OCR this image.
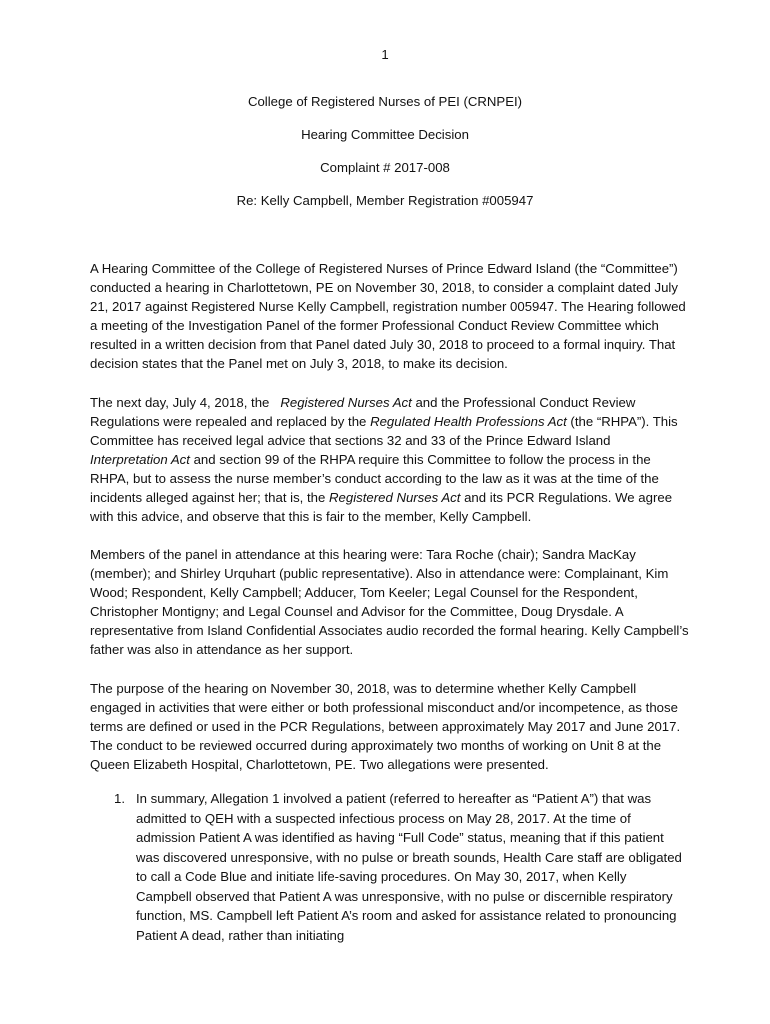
1
College of Registered Nurses of PEI (CRNPEI)
Hearing Committee Decision
Complaint # 2017-008
Re: Kelly Campbell, Member Registration #005947

A Hearing Committee of the College of Registered Nurses of Prince Edward Island (the “Committee”) conducted a hearing in Charlottetown, PE on November 30, 2018, to consider a complaint dated July 21, 2017 against Registered Nurse Kelly Campbell, registration number 005947. The Hearing followed a meeting of the Investigation Panel of the former Professional Conduct Review Committee which resulted in a written decision from that Panel dated July 30, 2018 to proceed to a formal inquiry. That decision states that the Panel met on July 3, 2018, to make its decision.

The next day, July 4, 2018, the   Registered Nurses Act and the Professional Conduct Review Regulations were repealed and replaced by the Regulated Health Professions Act (the “RHPA”). This Committee has received legal advice that sections 32 and 33 of the Prince Edward Island Interpretation Act and section 99 of the RHPA require this Committee to follow the process in the RHPA, but to assess the nurse member’s conduct according to the law as it was at the time of the incidents alleged against her; that is, the Registered Nurses Act and its PCR Regulations. We agree with this advice, and observe that this is fair to the member, Kelly Campbell.

Members of the panel in attendance at this hearing were: Tara Roche (chair); Sandra MacKay (member); and Shirley Urquhart (public representative). Also in attendance were: Complainant, Kim Wood; Respondent, Kelly Campbell; Adducer, Tom Keeler; Legal Counsel for the Respondent, Christopher Montigny; and Legal Counsel and Advisor for the Committee, Doug Drysdale. A representative from Island Confidential Associates audio recorded the formal hearing. Kelly Campbell’s father was also in attendance as her support.

The purpose of the hearing on November 30, 2018, was to determine whether Kelly Campbell engaged in activities that were either or both professional misconduct and/or incompetence, as those terms are defined or used in the PCR Regulations, between approximately May 2017 and June 2017. The conduct to be reviewed occurred during approximately two months of working on Unit 8 at the Queen Elizabeth Hospital, Charlottetown, PE. Two allegations were presented.

1. In summary, Allegation 1 involved a patient (referred to hereafter as “Patient A”) that was admitted to QEH with a suspected infectious process on May 28, 2017. At the time of admission Patient A was identified as having “Full Code” status, meaning that if this patient was discovered unresponsive, with no pulse or breath sounds, Health Care staff are obligated to call a Code Blue and initiate life-saving procedures. On May 30, 2017, when Kelly Campbell observed that Patient A was unresponsive, with no pulse or discernible respiratory function, MS. Campbell left Patient A’s room and asked for assistance related to pronouncing Patient A dead, rather than initiating
